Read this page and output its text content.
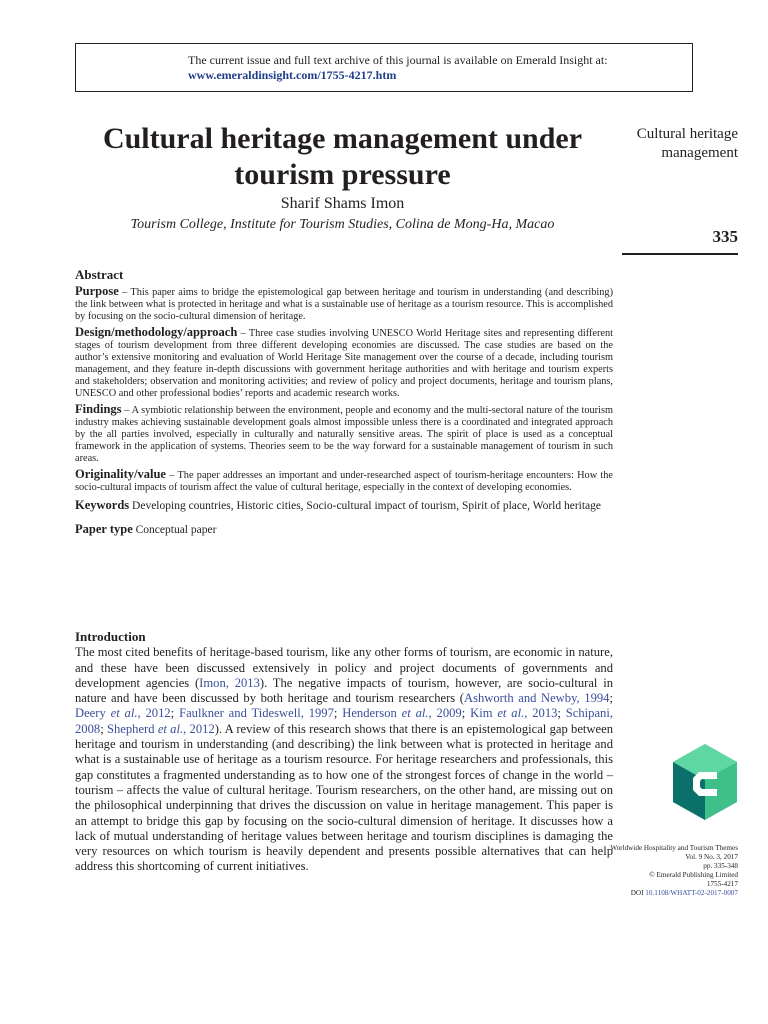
The current issue and full text archive of this journal is available on Emerald Insight at:
www.emeraldinsight.com/1755-4217.htm
Cultural heritage management under tourism pressure
Sharif Shams Imon
Tourism College, Institute for Tourism Studies, Colina de Mong-Ha, Macao
Cultural heritage management
335
Abstract

Purpose – This paper aims to bridge the epistemological gap between heritage and tourism in understanding (and describing) the link between what is protected in heritage and what is a sustainable use of heritage as a tourism resource. This is accomplished by focusing on the socio-cultural dimension of heritage.

Design/methodology/approach – Three case studies involving UNESCO World Heritage sites and representing different stages of tourism development from three different developing economies are discussed. The case studies are based on the author’s extensive monitoring and evaluation of World Heritage Site management over the course of a decade, including tourism management, and they feature in-depth discussions with government heritage authorities and with heritage and tourism experts and stakeholders; observation and monitoring activities; and review of policy and project documents, heritage and tourism plans, UNESCO and other professional bodies’ reports and academic research works.

Findings – A symbiotic relationship between the environment, people and economy and the multi-sectoral nature of the tourism industry makes achieving sustainable development goals almost impossible unless there is a coordinated and integrated approach by the all parties involved, especially in culturally and naturally sensitive areas. The spirit of place is used as a conceptual framework in the application of systems. Theories seem to be the way forward for a sustainable management of tourism in such areas.

Originality/value – The paper addresses an important and under-researched aspect of tourism-heritage encounters: How the socio-cultural impacts of tourism affect the value of cultural heritage, especially in the context of developing economies.

Keywords Developing countries, Historic cities, Socio-cultural impact of tourism, Spirit of place, World heritage

Paper type Conceptual paper

Introduction

The most cited benefits of heritage-based tourism, like any other forms of tourism, are economic in nature, and these have been discussed extensively in policy and project documents of governments and development agencies (Imon, 2013). The negative impacts of tourism, however, are socio-cultural in nature and have been discussed by both heritage and tourism researchers (Ashworth and Newby, 1994; Deery et al., 2012; Faulkner and Tideswell, 1997; Henderson et al., 2009; Kim et al., 2013; Schipani, 2008; Shepherd et al., 2012). A review of this research shows that there is an epistemological gap between heritage and tourism in understanding (and describing) the link between what is protected in heritage and what is a sustainable use of heritage as a tourism resource. For heritage researchers and professionals, this gap constitutes a fragmented understanding as to how one of the strongest forces of change in the world – tourism – affects the value of cultural heritage. Tourism researchers, on the other hand, are missing out on the philosophical underpinning that drives the discussion on value in heritage management. This paper is an attempt to bridge this gap by focusing on the socio-cultural dimension of heritage. It discusses how a lack of mutual understanding of heritage values between heritage and tourism disciplines is damaging the very resources on which tourism is heavily dependent and presents possible alternatives that can help address this shortcoming of current initiatives.

Worldwide Hospitality and Tourism Themes
Vol. 9 No. 3, 2017
pp. 335-348
© Emerald Publishing Limited
1755-4217
DOI 10.1108/WHATT-02-2017-0007
